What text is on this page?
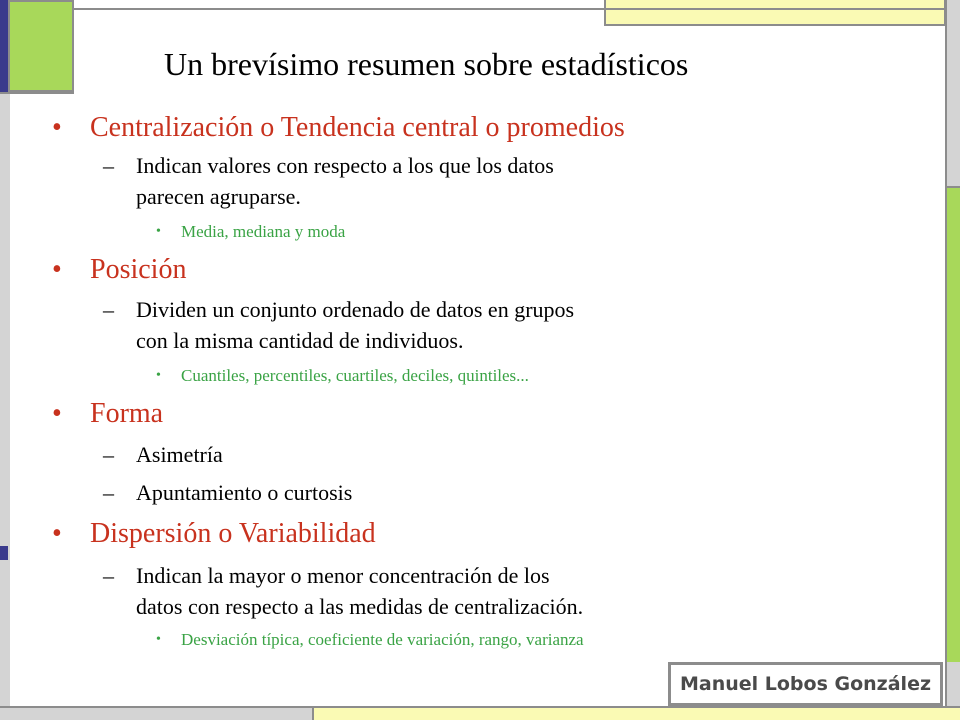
Un brevísimo resumen sobre estadísticos
• Centralización o Tendencia central o promedios
– Indican valores con respecto a los que los datos
parecen agruparse.
• Media, mediana y moda
• Posición
– Dividen un conjunto ordenado de datos en grupos
con la misma cantidad de individuos.
• Cuantiles, percentiles, cuartiles, deciles, quintiles...
• Forma
– Asimetría
– Apuntamiento o curtosis
• Dispersión o Variabilidad
– Indican la mayor o menor concentración de los
datos con respecto a las medidas de centralización.
• Desviación típica, coeficiente de variación, rango, varianza
Manuel Lobos González
